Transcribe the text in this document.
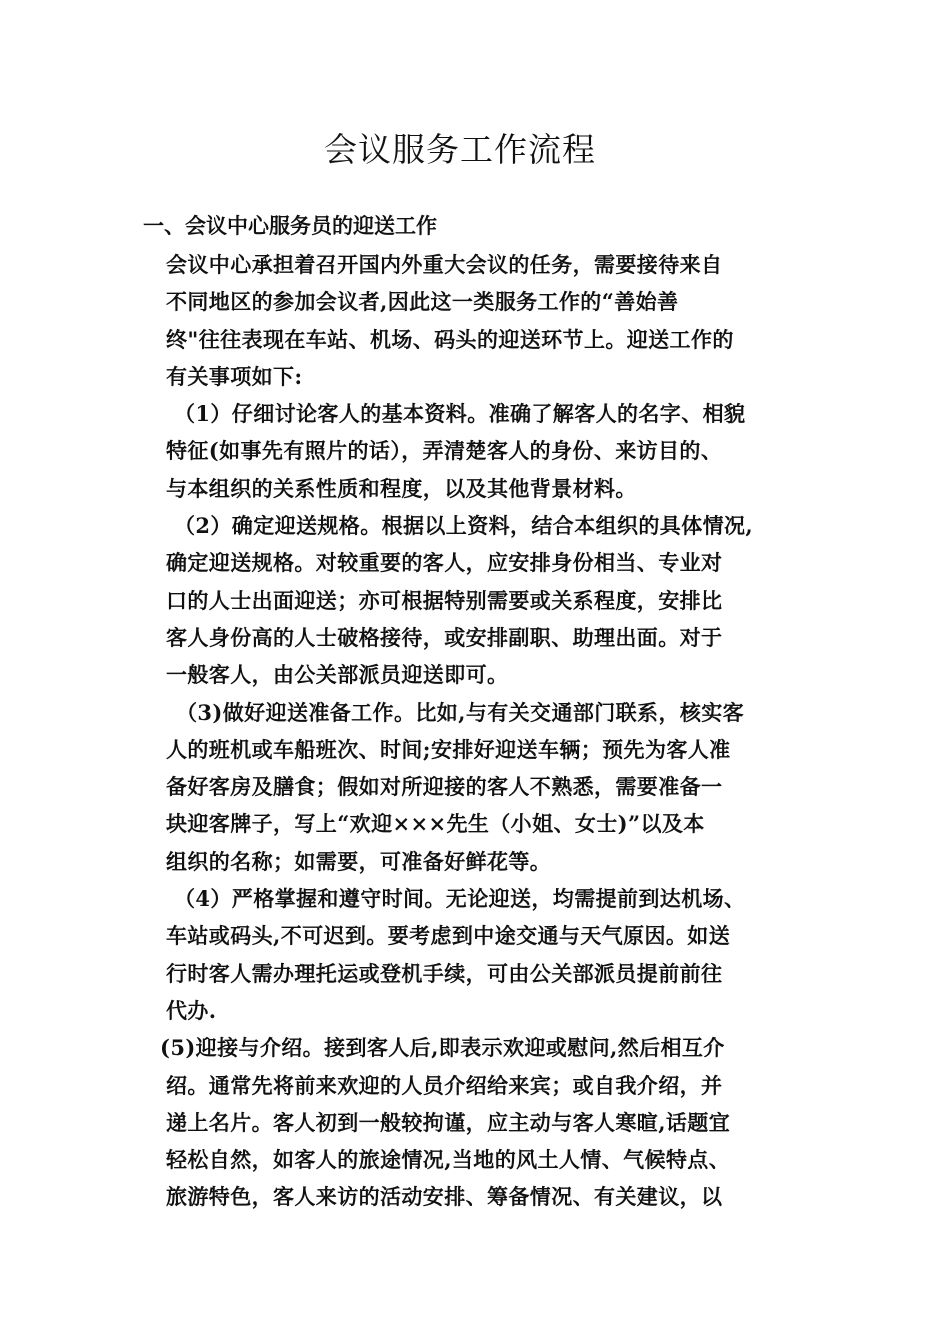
会议服务工作流程
一、会议中心服务员的迎送工作
会议中心承担着召开国内外重大会议的任务，需要接待来自
不同地区的参加会议者,因此这一类服务工作的“善始善
终"往往表现在车站、机场、码头的迎送环节上。迎送工作的
有关事项如下:
（1）仔细讨论客人的基本资料。准确了解客人的名字、相貌
特征(如事先有照片的话），弄清楚客人的身份、来访目的、
与本组织的关系性质和程度，以及其他背景材料。
（2）确定迎送规格。根据以上资料，结合本组织的具体情况,
确定迎送规格。对较重要的客人，应安排身份相当、专业对
口的人士出面迎送；亦可根据特别需要或关系程度，安排比
客人身份高的人士破格接待，或安排副职、助理出面。对于
一般客人，由公关部派员迎送即可。
（3)做好迎送准备工作。比如,与有关交通部门联系，核实客
人的班机或车船班次、时间;安排好迎送车辆；预先为客人准
备好客房及膳食；假如对所迎接的客人不熟悉，需要准备一
块迎客牌子，写上“欢迎×××先生（小姐、女士)”以及本
组织的名称；如需要，可准备好鲜花等。
（4）严格掌握和遵守时间。无论迎送，均需提前到达机场、
车站或码头,不可迟到。要考虑到中途交通与天气原因。如送
行时客人需办理托运或登机手续，可由公关部派员提前前往
代办.
(5)迎接与介绍。接到客人后,即表示欢迎或慰问,然后相互介
绍。通常先将前来欢迎的人员介绍给来宾；或自我介绍，并
递上名片。客人初到一般较拘谨，应主动与客人寒暄,话题宜
轻松自然，如客人的旅途情况,当地的风土人情、气候特点、
旅游特色，客人来访的活动安排、筹备情况、有关建议，以
